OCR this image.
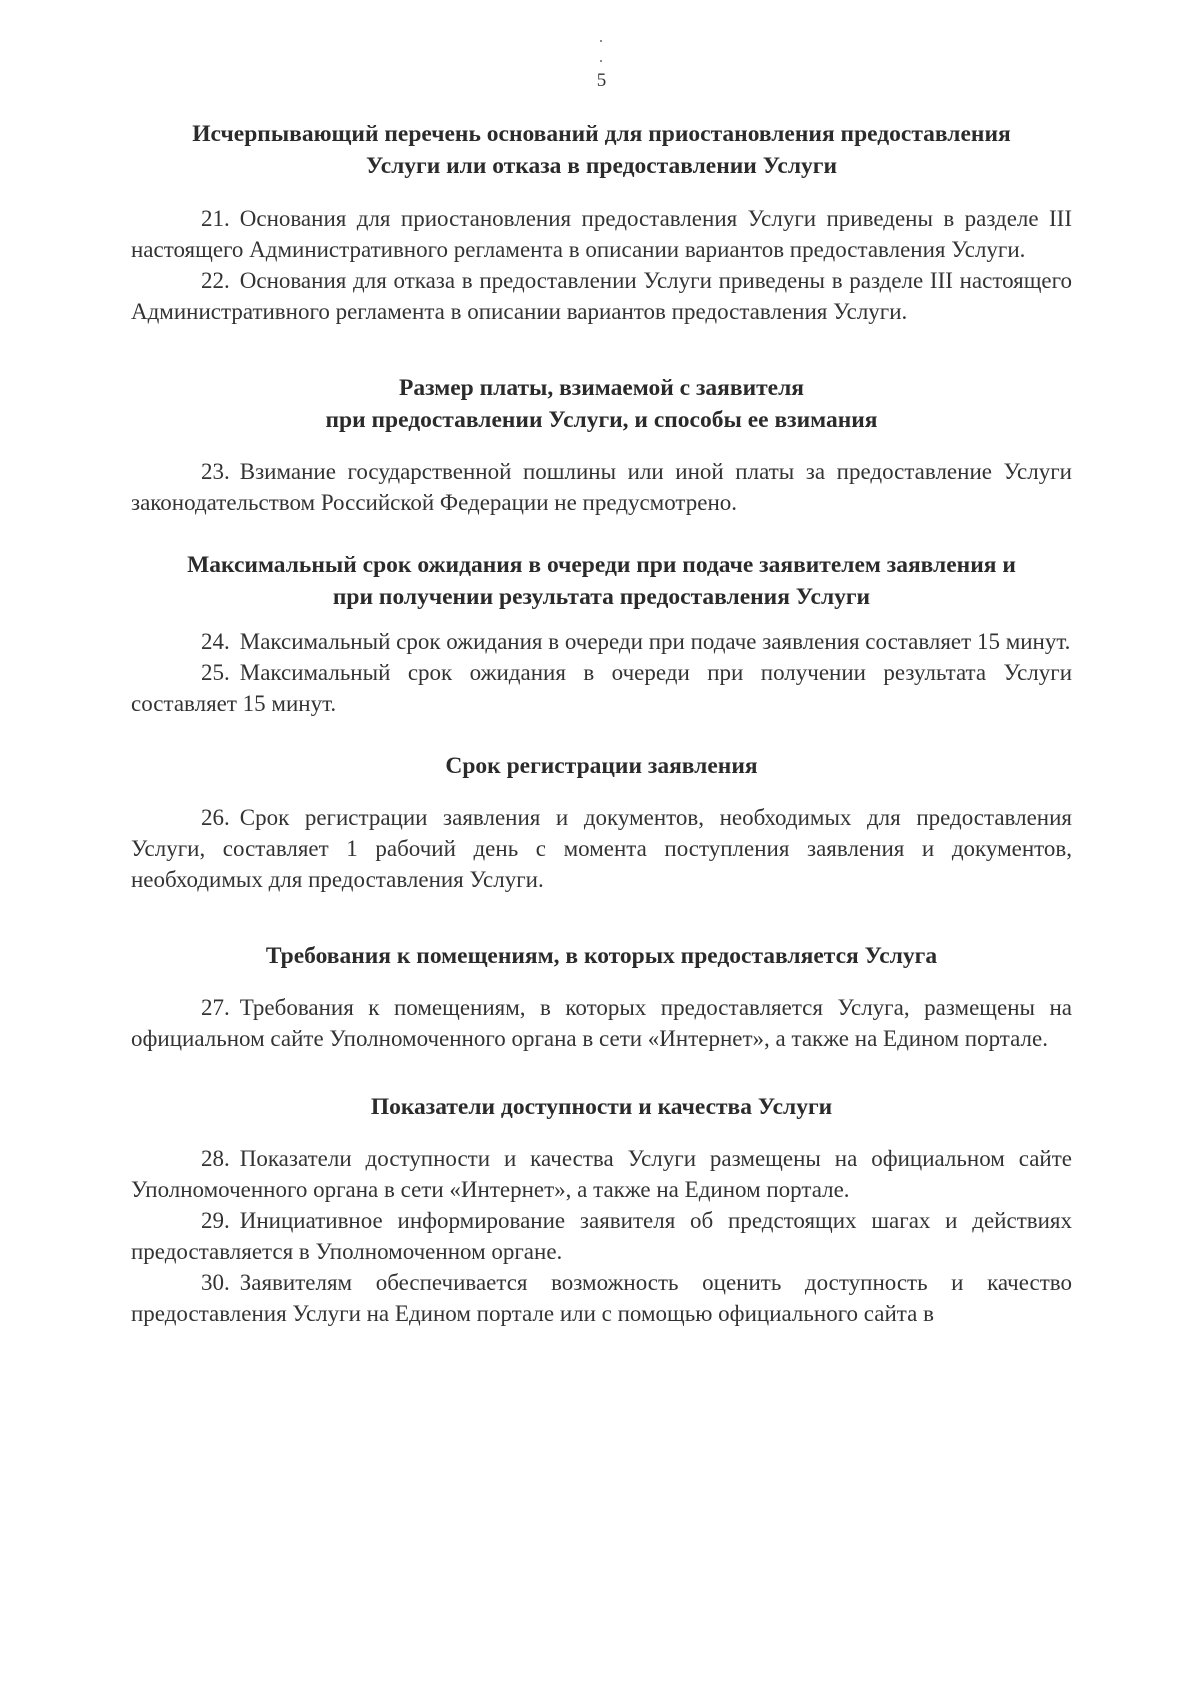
5
Исчерпывающий перечень оснований для приостановления предоставления
Услуги или отказа в предоставлении Услуги

21. Основания для приостановления предоставления Услуги приведены в разделе III настоящего Административного регламента в описании вариантов предоставления Услуги.

22. Основания для отказа в предоставлении Услуги приведены в разделе III настоящего Административного регламента в описании вариантов предоставления Услуги.

Размер платы, взимаемой с заявителя
при предоставлении Услуги, и способы ее взимания

23. Взимание государственной пошлины или иной платы за предоставление Услуги законодательством Российской Федерации не предусмотрено.

Максимальный срок ожидания в очереди при подаче заявителем заявления и
при получении результата предоставления Услуги

24. Максимальный срок ожидания в очереди при подаче заявления составляет 15 минут.

25. Максимальный срок ожидания в очереди при получении результата Услуги составляет 15 минут.

Срок регистрации заявления

26. Срок регистрации заявления и документов, необходимых для предоставления Услуги, составляет 1 рабочий день с момента поступления заявления и документов, необходимых для предоставления Услуги.

Требования к помещениям, в которых предоставляется Услуга

27. Требования к помещениям, в которых предоставляется Услуга, размещены на официальном сайте Уполномоченного органа в сети «Интернет», а также на Едином портале.

Показатели доступности и качества Услуги

28. Показатели доступности и качества Услуги размещены на официальном сайте Уполномоченного органа в сети «Интернет», а также на Едином портале.

29. Инициативное информирование заявителя об предстоящих шагах и действиях предоставляется в Уполномоченном органе.

30. Заявителям обеспечивается возможность оценить доступность и качество предоставления Услуги на Едином портале или с помощью официального сайта в
